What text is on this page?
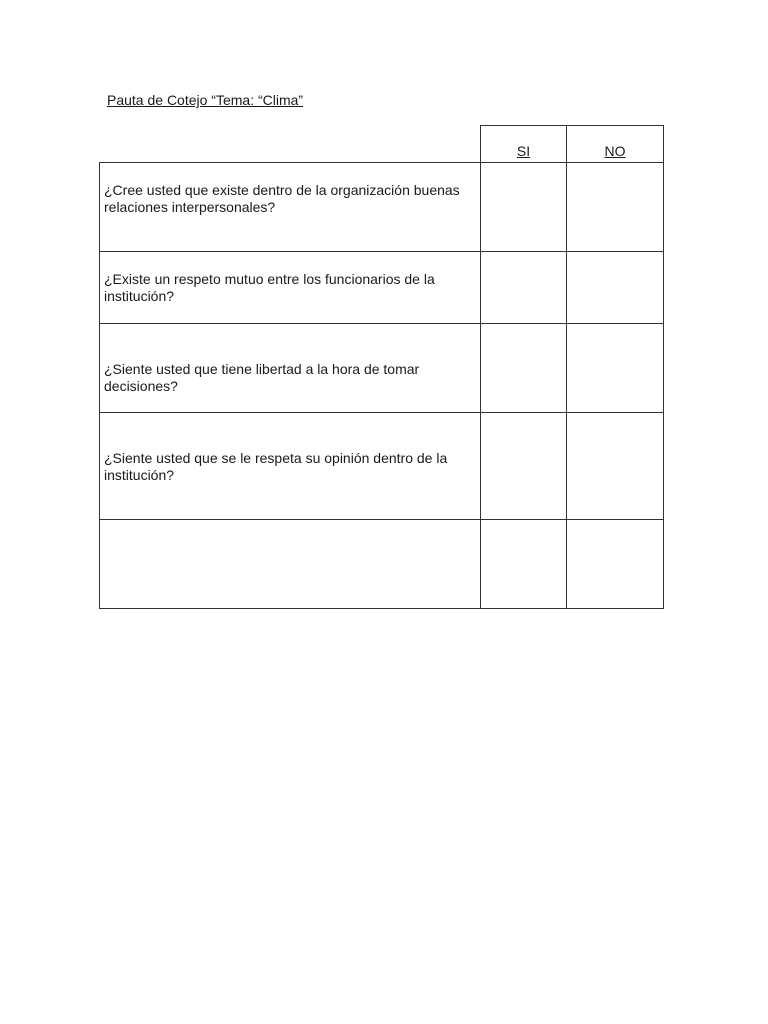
Pauta de Cotejo “Tema: “Clima”
	SI	NO

¿Cree usted que existe dentro de la organización buenas relaciones interpersonales?		

¿Existe un respeto mutuo entre los funcionarios de la institución?		

¿Siente usted que tiene libertad a la hora de tomar decisiones?		

¿Siente usted que se le respeta su opinión dentro de la institución?		
